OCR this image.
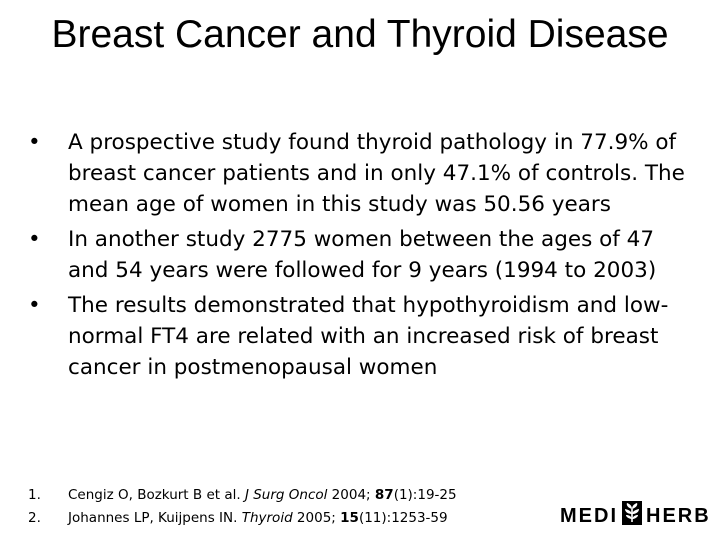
Breast Cancer and Thyroid Disease
•	A prospective study found thyroid pathology in 77.9% of breast cancer patients and in only 47.1% of controls. The mean age of women in this study was 50.56 years
•	In another study 2775 women between the ages of 47 and 54 years were followed for 9 years (1994 to 2003)
•	The results demonstrated that hypothyroidism and low-normal FT4 are related with an increased risk of breast cancer in postmenopausal women
1. Cengiz O, Bozkurt B et al. J Surg Oncol 2004; 87(1):19-25
2. Johannes LP, Kuijpens IN. Thyroid 2005; 15(11):1253-59	MEDI HERB
